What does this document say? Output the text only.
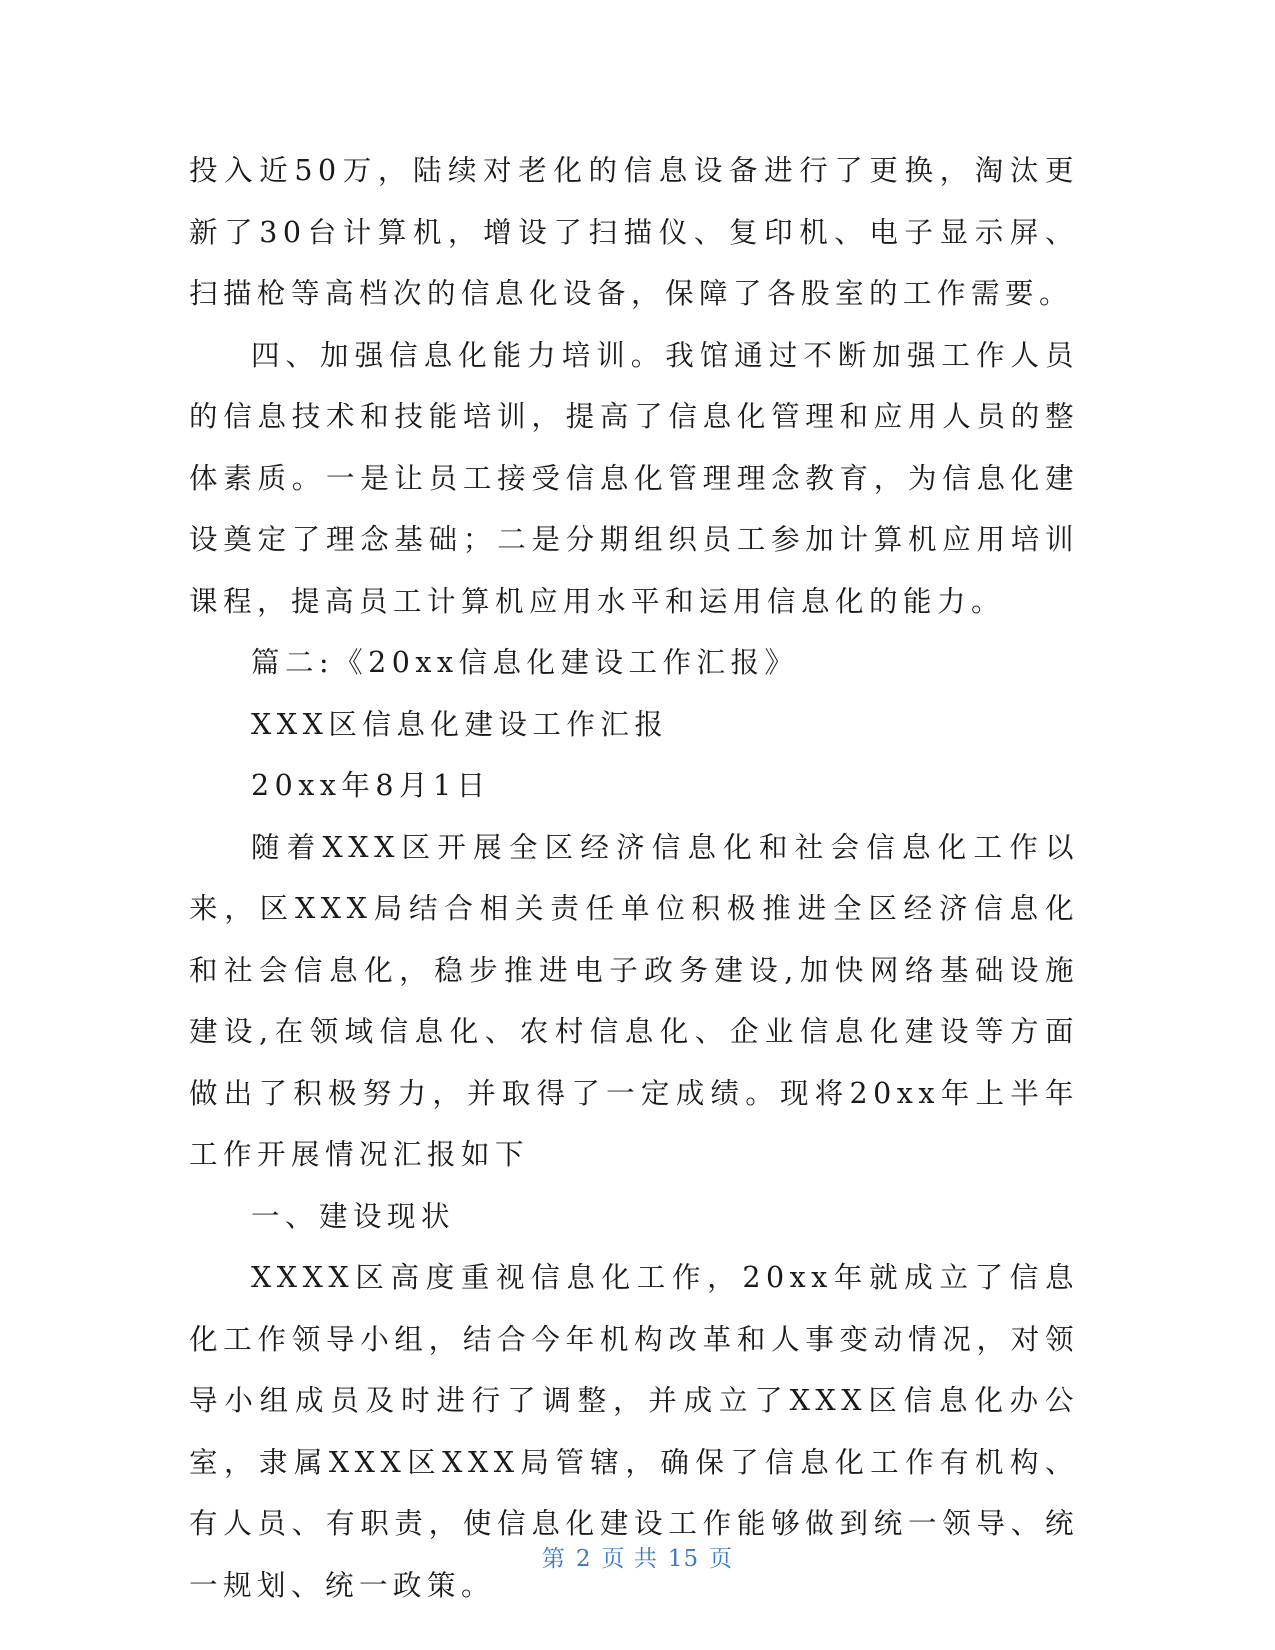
投入近50万，陆续对老化的信息设备进行了更换，淘汰更新了30台计算机，增设了扫描仪、复印机、电子显示屏、扫描枪等高档次的信息化设备，保障了各股室的工作需要。

四、加强信息化能力培训。我馆通过不断加强工作人员的信息技术和技能培训，提高了信息化管理和应用人员的整体素质。一是让员工接受信息化管理理念教育，为信息化建设奠定了理念基础；二是分期组织员工参加计算机应用培训课程，提高员工计算机应用水平和运用信息化的能力。

篇二:《20xx信息化建设工作汇报》

XXX区信息化建设工作汇报

20xx年8月1日

随着XXX区开展全区经济信息化和社会信息化工作以来，区XXX局结合相关责任单位积极推进全区经济信息化和社会信息化，稳步推进电子政务建设,加快网络基础设施建设,在领域信息化、农村信息化、企业信息化建设等方面做出了积极努力，并取得了一定成绩。现将20xx年上半年工作开展情况汇报如下

一、建设现状

XXXX区高度重视信息化工作，20xx年就成立了信息化工作领导小组，结合今年机构改革和人事变动情况，对领导小组成员及时进行了调整，并成立了XXX区信息化办公室，隶属XXX区XXX局管辖，确保了信息化工作有机构、有人员、有职责，使信息化建设工作能够做到统一领导、统一规划、统一政策。

第 2 页 共 15 页
